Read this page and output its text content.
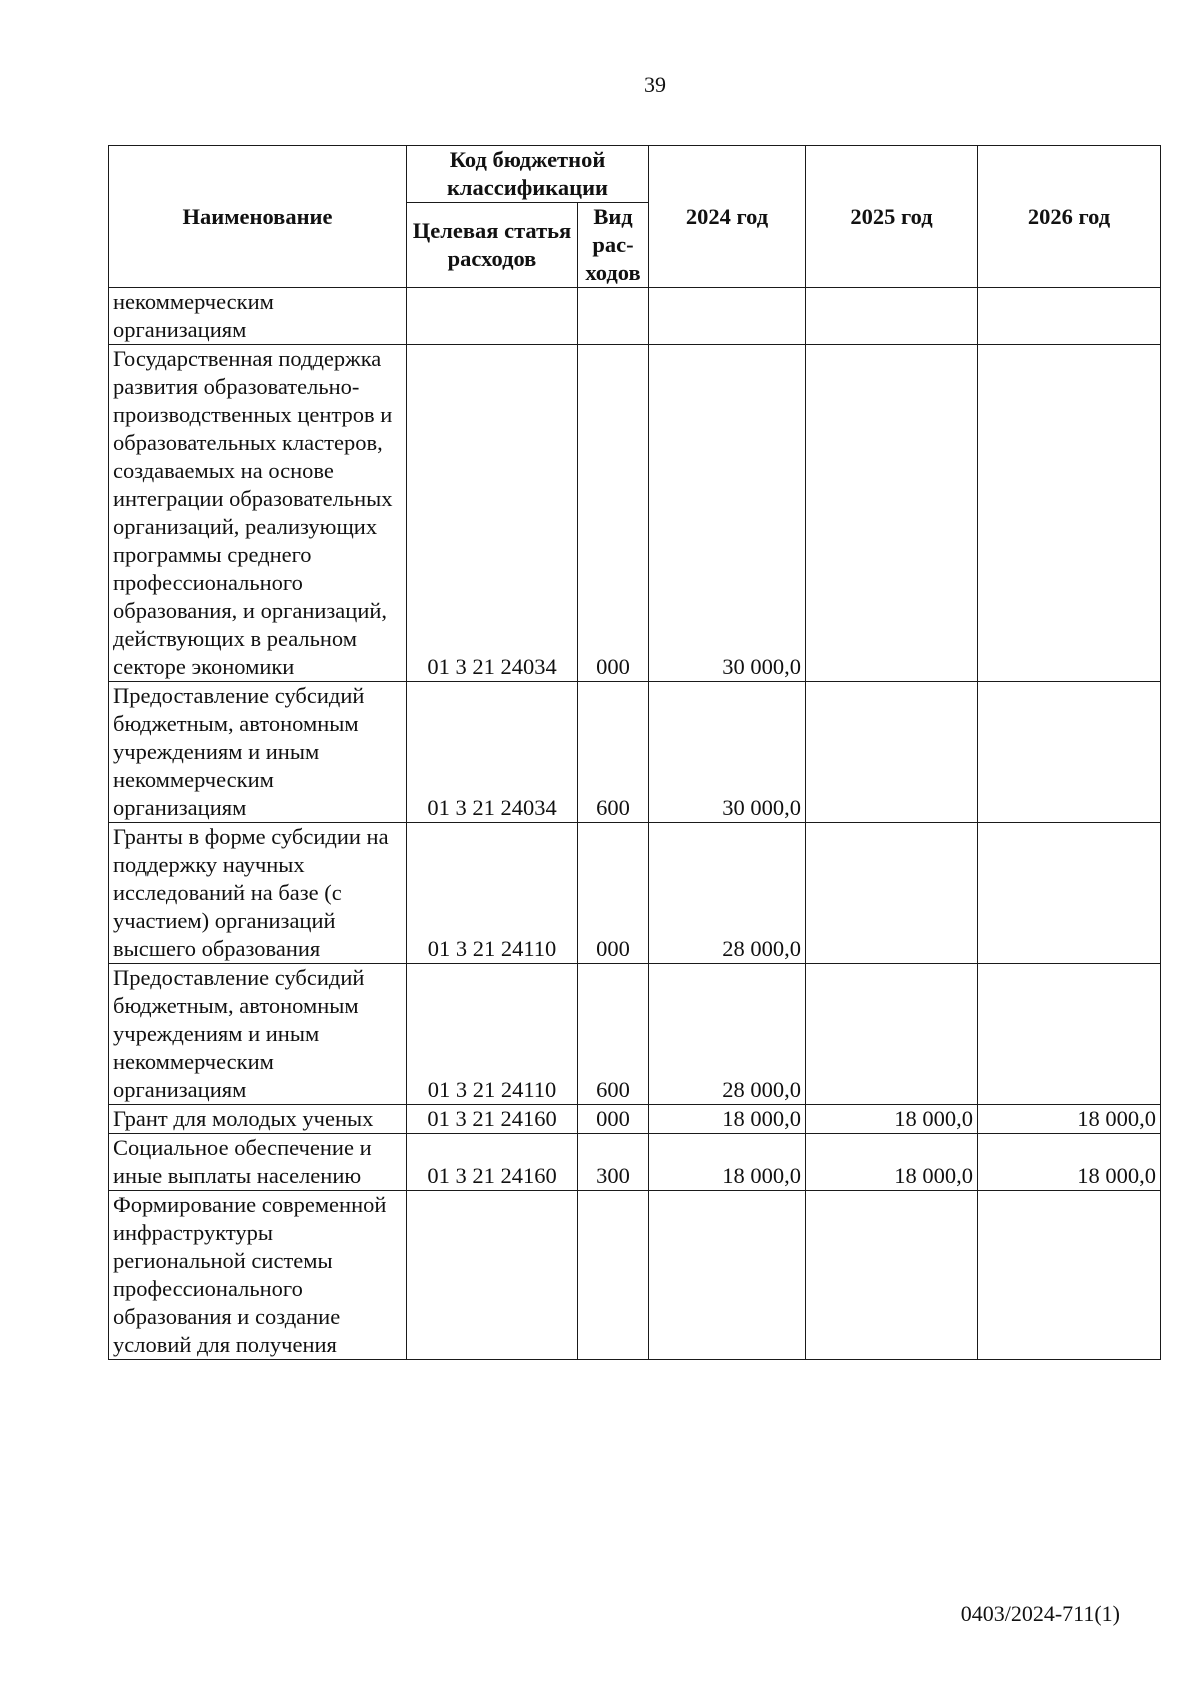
39
Наименование	Код бюджетной классификации		2024 год	2025 год	2026 год
	Целевая статья расходов	Вид рас-ходов			
некоммерческим организациям					
Государственная поддержка развития образовательно-производственных центров и образовательных кластеров, создаваемых на основе интеграции образовательных организаций, реализующих программы среднего профессионального образования, и организаций, действующих в реальном секторе экономики	01 3 21 24034	000	30 000,0		
Предоставление субсидий бюджетным, автономным учреждениям и иным некоммерческим организациям	01 3 21 24034	600	30 000,0		
Гранты в форме субсидии на поддержку научных исследований на базе (с участием) организаций высшего образования	01 3 21 24110	000	28 000,0		
Предоставление субсидий бюджетным, автономным учреждениям и иным некоммерческим организациям	01 3 21 24110	600	28 000,0		
Грант для молодых ученых	01 3 21 24160	000	18 000,0	18 000,0	18 000,0
Социальное обеспечение и иные выплаты населению	01 3 21 24160	300	18 000,0	18 000,0	18 000,0
Формирование современной инфраструктуры региональной системы профессионального образования и создание условий для получения					
0403/2024-711(1)
